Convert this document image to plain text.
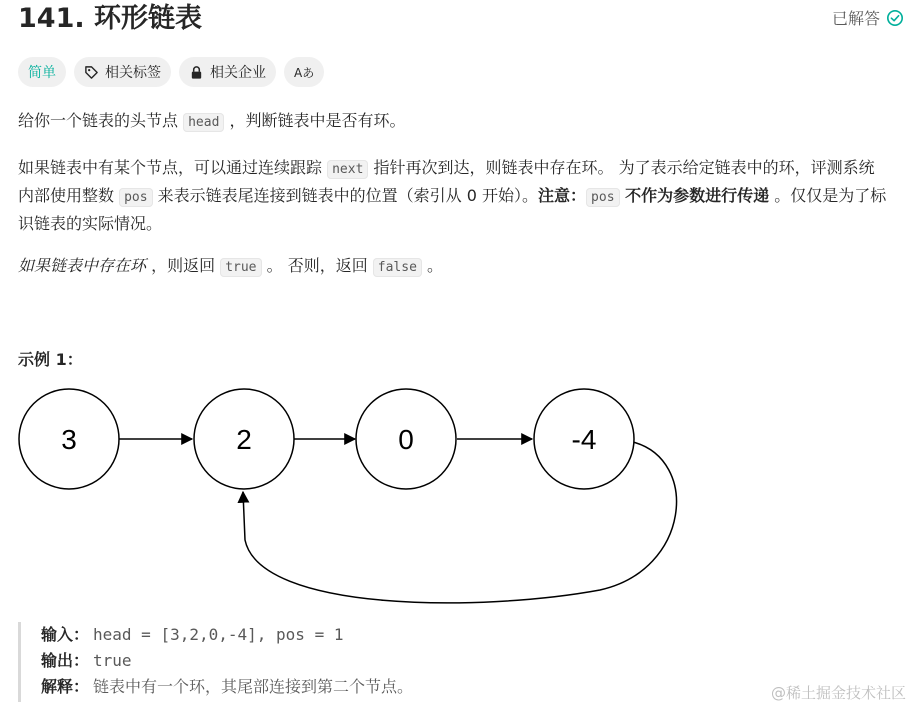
141. 环形链表	已解答
简单	相关标签	相关企业 Aあ

给你一个链表的头节点 head ，判断链表中是否有环。

如果链表中有某个节点，可以通过连续跟踪 next 指针再次到达，则链表中存在环。 为了表示给定链表中的环，评测系统内部使用整数 pos 来表示链表尾连接到链表中的位置（索引从 0 开始）。注意： pos 不作为参数进行传递 。仅仅是为了标识链表的实际情况。

如果链表中存在环 ，则返回 true 。 否则，返回 false 。

示例 1：
3	2	0	-4
输入： head = [3,2,0,-4], pos = 1
输出： true
解释： 链表中有一个环，其尾部连接到第二个节点。	@稀土掘金技术社区
